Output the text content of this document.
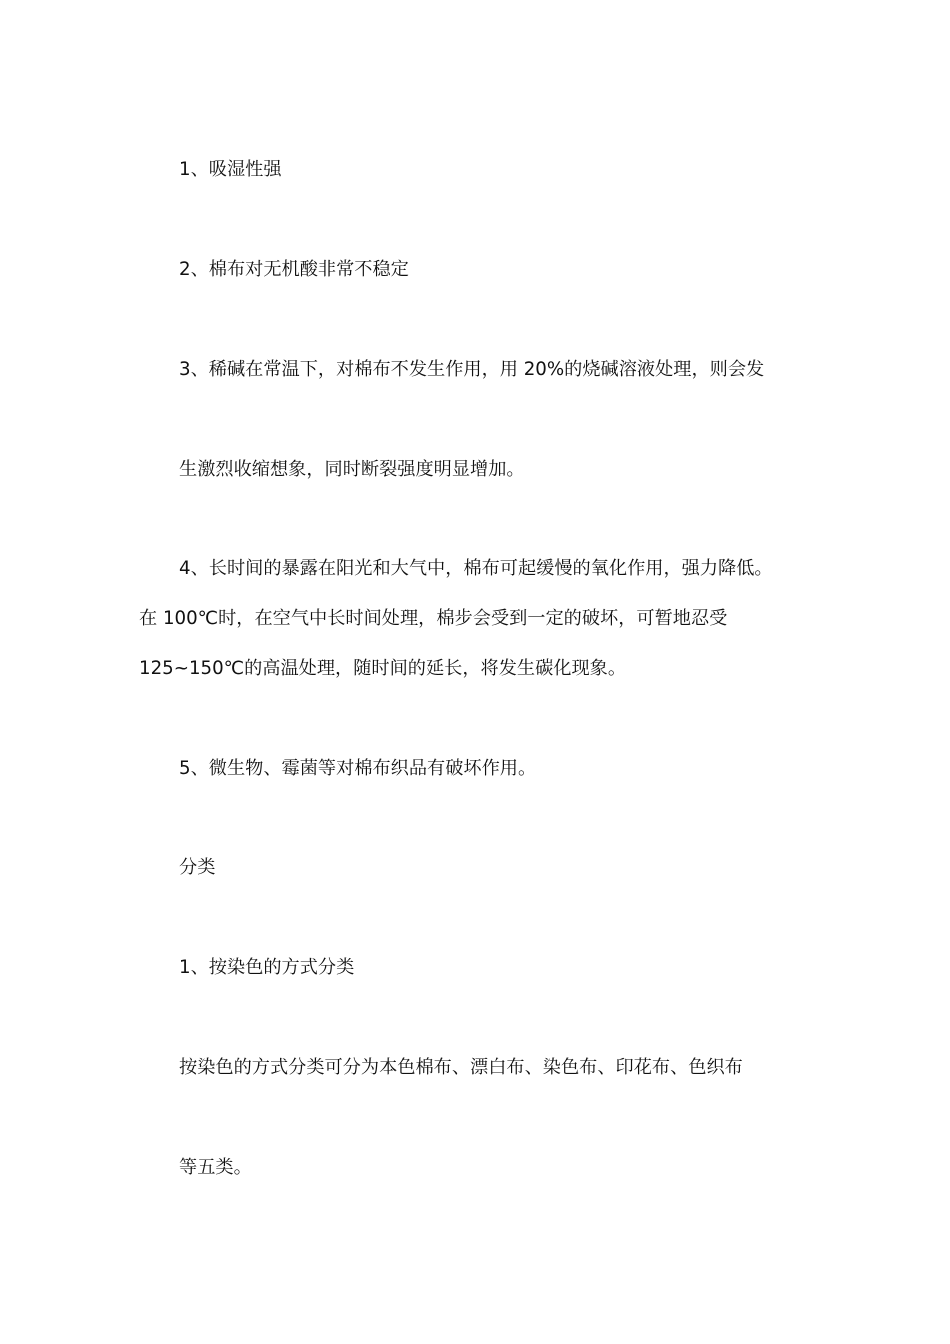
1、吸湿性强
2、棉布对无机酸非常不稳定
3、稀碱在常温下，对棉布不发生作用，用 20%的烧碱溶液处理，则会发
生激烈收缩想象，同时断裂强度明显增加。
4、长时间的暴露在阳光和大气中，棉布可起缓慢的氧化作用，强力降低。
在 100℃时，在空气中长时间处理，棉步会受到一定的破坏，可暂地忍受
125~150℃的高温处理，随时间的延长，将发生碳化现象。
5、微生物、霉菌等对棉布织品有破坏作用。
分类
1、按染色的方式分类
按染色的方式分类可分为本色棉布、漂白布、染色布、印花布、色织布
等五类。
